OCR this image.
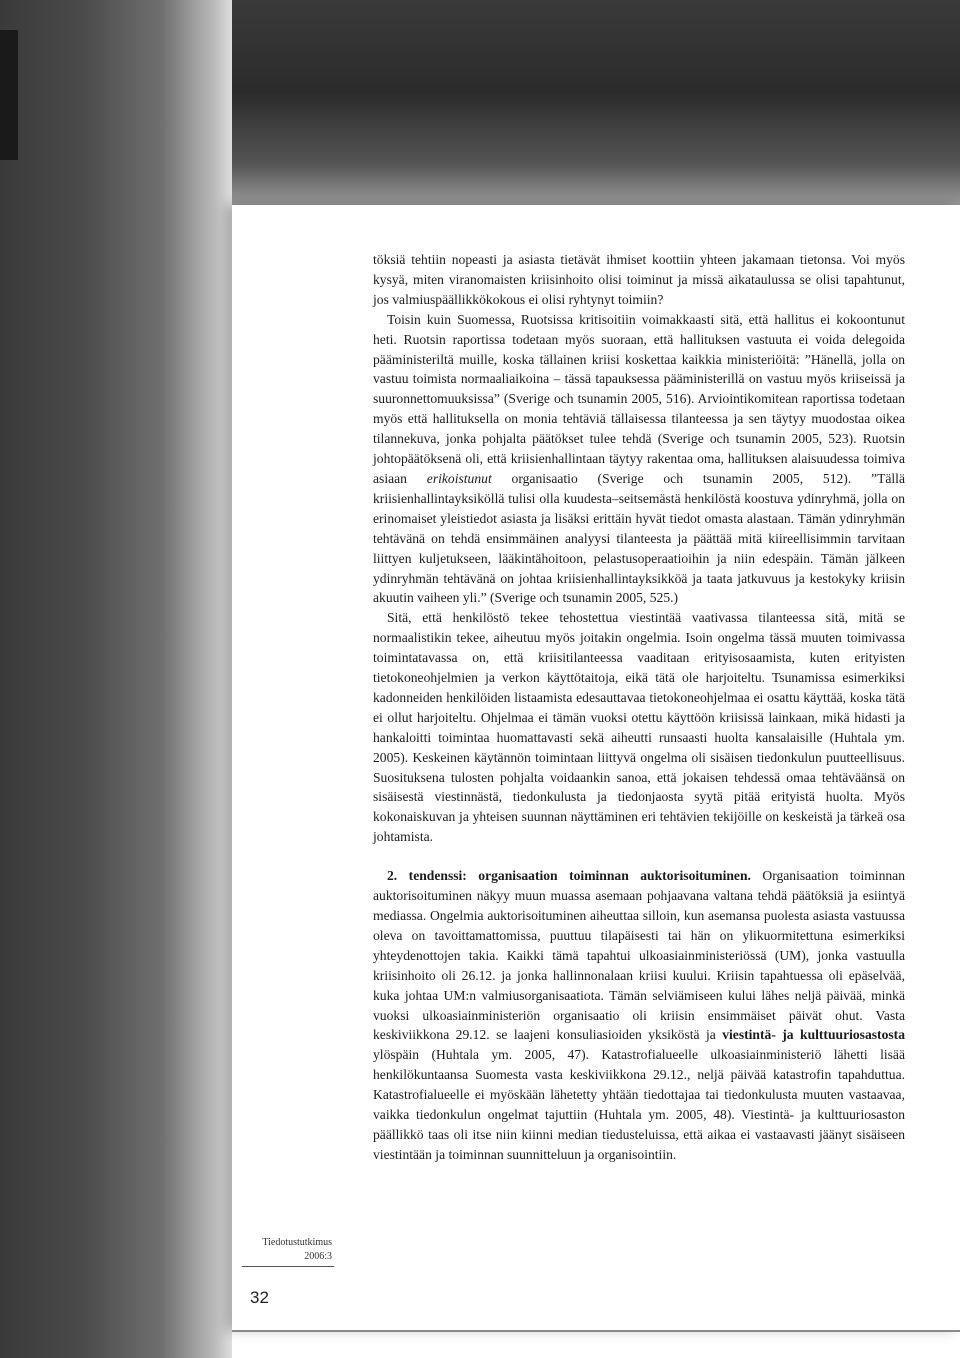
töksiä tehtiin nopeasti ja asiasta tietävät ihmiset koottiin yhteen jakamaan tietonsa. Voi myös kysyä, miten viranomaisten kriisinhoito olisi toiminut ja missä aikataulussa se olisi tapahtunut, jos valmiuspäällikkökokous ei olisi ryhtynyt toimiin?

Toisin kuin Suomessa, Ruotsissa kritisoitiin voimakkaasti sitä, että hallitus ei kokoontunut heti. Ruotsin raportissa todetaan myös suoraan, että hallituksen vastuuta ei voida delegoida pääministeriltä muille, koska tällainen kriisi koskettaa kaikkia ministeriöitä: ”Hänellä, jolla on vastuu toimista normaaliaikoina – tässä tapauksessa pääministerillä on vastuu myös kriiseissä ja suuronnettomuuksissa” (Sverige och tsunamin 2005, 516). Arviointikomitean raportissa todetaan myös että hallituksella on monia tehtäviä tällaisessa tilanteessa ja sen täytyy muodostaa oikea tilannekuva, jonka pohjalta päätökset tulee tehdä (Sverige och tsunamin 2005, 523). Ruotsin johtopäätöksenä oli, että kriisienhallintaan täytyy rakentaa oma, hallituksen alaisuudessa toimiva asiaan erikoistunut organisaatio (Sverige och tsunamin 2005, 512). ”Tällä kriisienhallintayksiköllä tulisi olla kuudesta–seitsemästä henkilöstä koostuva ydinryhmä, jolla on erinomaiset yleistiedot asiasta ja lisäksi erittäin hyvät tiedot omasta alastaan. Tämän ydinryhmän tehtävänä on tehdä ensimmäinen analyysi tilanteesta ja päättää mitä kiireellisimmin tarvitaan liittyen kuljetukseen, lääkintähoitoon, pelastusoperaatioihin ja niin edespäin. Tämän jälkeen ydinryhmän tehtävänä on johtaa kriisienhallintayksikköä ja taata jatkuvuus ja kestokyky kriisin akuutin vaiheen yli.” (Sverige och tsunamin 2005, 525.)

Sitä, että henkilöstö tekee tehostettua viestintää vaativassa tilanteessa sitä, mitä se normaalistikin tekee, aiheutuu myös joitakin ongelmia. Isoin ongelma tässä muuten toimivassa toimintatavassa on, että kriisitilanteessa vaaditaan erityisosaamista, kuten erityisten tietokoneohjelmien ja verkon käyttötaitoja, eikä tätä ole harjoiteltu. Tsunamissa esimerkiksi kadonneiden henkilöiden listaamista edesauttavaa tietokoneohjelmaa ei osattu käyttää, koska tätä ei ollut harjoiteltu. Ohjelmaa ei tämän vuoksi otettu käyttöön kriisissä lainkaan, mikä hidasti ja hankaloitti toimintaa huomattavasti sekä aiheutti runsaasti huolta kansalaisille (Huhtala ym. 2005). Keskeinen käytännön toimintaan liittyvä ongelma oli sisäisen tiedonkulun puutteellisuus. Suosituksena tulosten pohjalta voidaankin sanoa, että jokaisen tehdessä omaa tehtäväänsä on sisäisestä viestinnästä, tiedonkulusta ja tiedonjaosta syytä pitää erityistä huolta. Myös kokonaiskuvan ja yhteisen suunnan näyttäminen eri tehtävien tekijöille on keskeistä ja tärkeä osa johtamista.

2. tendenssi: organisaation toiminnan auktorisoituminen. Organisaation toiminnan auktorisoituminen näkyy muun muassa asemaan pohjaavana valtana tehdä päätöksiä ja esiintyä mediassa. Ongelmia auktorisoituminen aiheuttaa silloin, kun asemansa puolesta asiasta vastuussa oleva on tavoittamattomissa, puuttuu tilapäisesti tai hän on ylikuormitettuna esimerkiksi yhteydenottojen takia. Kaikki tämä tapahtui ulkoasiainministeriössä (UM), jonka vastuulla kriisinhoito oli 26.12. ja jonka hallinnonalaan kriisi kuului. Kriisin tapahtuessa oli epäselvää, kuka johtaa UM:n valmiusorganisaatiota. Tämän selviämiseen kului lähes neljä päivää, minkä vuoksi ulkoasiainministeriön organisaatio oli kriisin ensimmäiset päivät ohut. Vasta keskiviikkona 29.12. se laajeni konsuliasioiden yksiköstä ja viestintä- ja kulttuuriosastosta ylöspäin (Huhtala ym. 2005, 47). Katastrofialueelle ulkoasiainministeriö lähetti lisää henkilökuntaansa Suomesta vasta keskiviikkona 29.12., neljä päivää katastrofin tapahduttua. Katastrofialueelle ei myöskään lähetetty yhtään tiedottajaa tai tiedonkulusta muuten vastaavaa, vaikka tiedonkulun ongelmat tajuttiin (Huhtala ym. 2005, 48). Viestintä- ja kulttuuriosaston päällikkö taas oli itse niin kiinni median tiedusteluissa, että aikaa ei vastaavasti jäänyt sisäiseen viestintään ja toiminnan suunnitteluun ja organisointiin.

Tiedotustutkimus
2006:3
32
